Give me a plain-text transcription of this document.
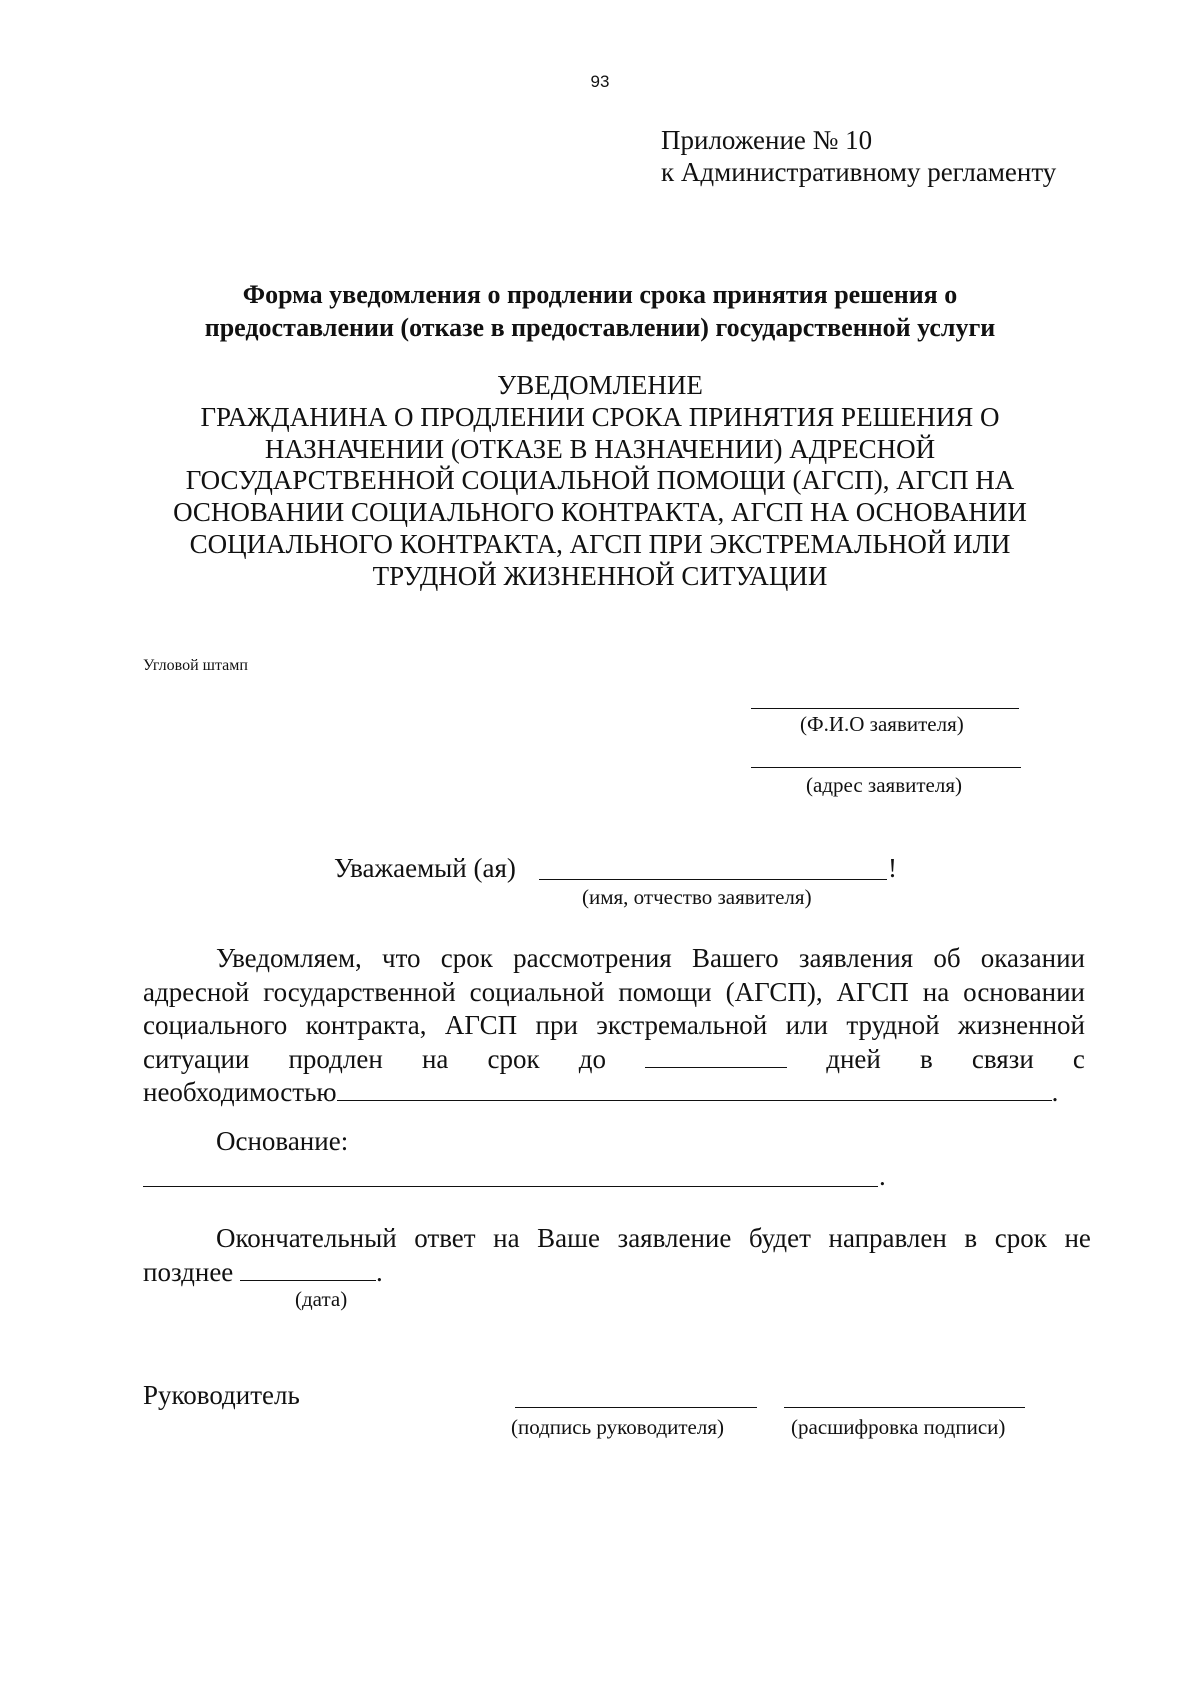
93
Приложение № 10
к Административному регламенту
Форма уведомления о продлении срока принятия решения о
предоставлении (отказе в предоставлении) государственной услуги
УВЕДОМЛЕНИЕ
ГРАЖДАНИНА О ПРОДЛЕНИИ СРОКА ПРИНЯТИЯ РЕШЕНИЯ О
НАЗНАЧЕНИИ (ОТКАЗЕ В НАЗНАЧЕНИИ) АДРЕСНОЙ
ГОСУДАРСТВЕННОЙ СОЦИАЛЬНОЙ ПОМОЩИ (АГСП), АГСП НА
ОСНОВАНИИ СОЦИАЛЬНОГО КОНТРАКТА, АГСП НА ОСНОВАНИИ
СОЦИАЛЬНОГО КОНТРАКТА, АГСП ПРИ ЭКСТРЕМАЛЬНОЙ ИЛИ
ТРУДНОЙ ЖИЗНЕННОЙ СИТУАЦИИ
Угловой штамп
(Ф.И.О заявителя)
(адрес заявителя)
Уважаемый (ая)	!
(имя, отчество заявителя)
Уведомляем, что срок рассмотрения Вашего заявления об оказании
адресной государственной социальной помощи (АГСП), АГСП на основании
социального контракта, АГСП при экстремальной или трудной жизненной
ситуации продлен на срок до	дней в связи с
необходимостью	.
Основание:
.
Окончательный ответ на Ваше заявление будет направлен в срок не
позднее	.
(дата)
Руководитель
(подпись руководителя)	(расшифровка подписи)
